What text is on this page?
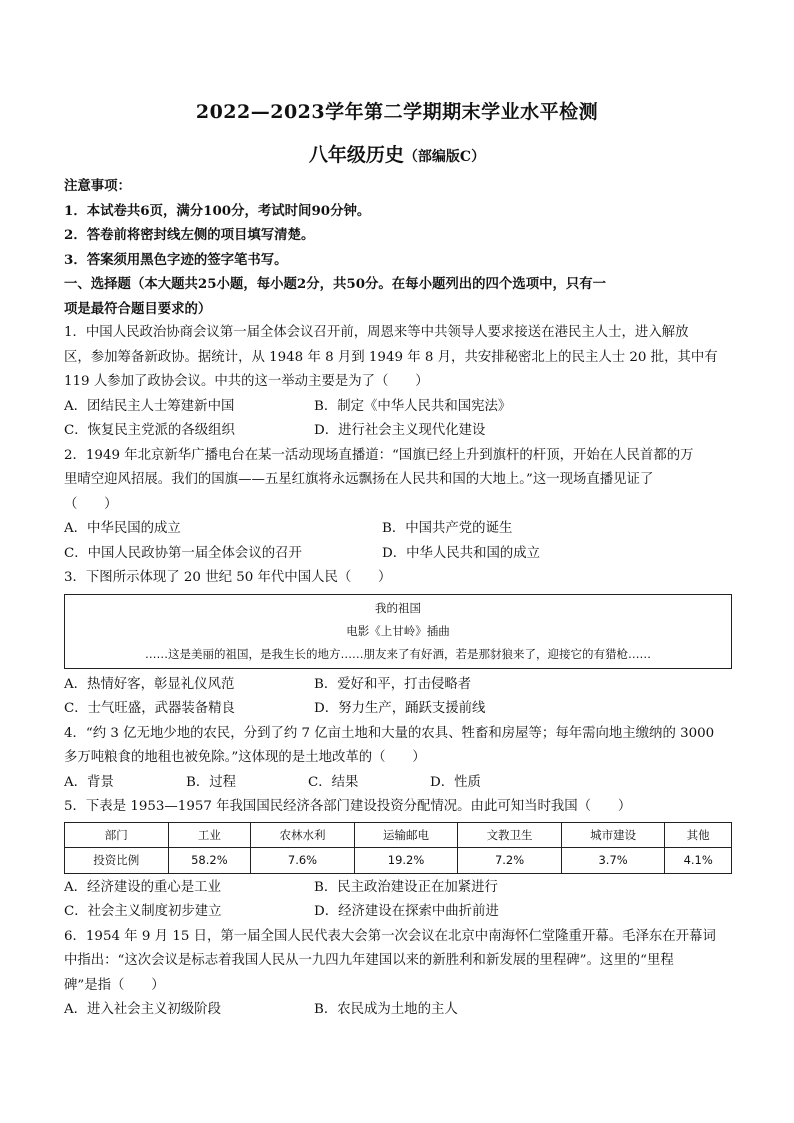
2022—2023学年第二学期期末学业水平检测
八年级历史（部编版C）
注意事项：
1．本试卷共6页，满分100分，考试时间90分钟。
2．答卷前将密封线左侧的项目填写清楚。
3．答案须用黑色字迹的签字笔书写。
一、选择题（本大题共25小题，每小题2分，共50分。在每小题列出的四个选项中，只有一
项是最符合题目要求的）
1．中国人民政治协商会议第一届全体会议召开前，周恩来等中共领导人要求接送在港民主人士，进入解放
区，参加筹备新政协。据统计，从 1948 年 8 月到 1949 年 8 月，共安排秘密北上的民主人士 20 批，其中有
119 人参加了政协会议。中共的这一举动主要是为了（　　）
A．团结民主人士筹建新中国	B．制定《中华人民共和国宪法》
C．恢复民主党派的各级组织	D．进行社会主义现代化建设
2．1949 年北京新华广播电台在某一活动现场直播道：“国旗已经上升到旗杆的杆顶，开始在人民首都的万
里晴空迎风招展。我们的国旗——五星红旗将永远飘扬在人民共和国的大地上。”这一现场直播见证了
（　　）
A．中华民国的成立	B．中国共产党的诞生
C．中国人民政协第一届全体会议的召开	D．中华人民共和国的成立
3．下图所示体现了 20 世纪 50 年代中国人民（　　）
我的祖国
电影《上甘岭》插曲
……这是美丽的祖国，是我生长的地方……朋友来了有好酒，若是那豺狼来了，迎接它的有猎枪……
A．热情好客，彰显礼仪风范	B．爱好和平，打击侵略者
C．士气旺盛，武器装备精良	D．努力生产，踊跃支援前线
4．“约 3 亿无地少地的农民，分到了约 7 亿亩土地和大量的农具、牲畜和房屋等；每年需向地主缴纳的 3000
多万吨粮食的地租也被免除。”这体现的是土地改革的（　　）
A．背景	B．过程	C．结果	D．性质
5．下表是 1953—1957 年我国国民经济各部门建设投资分配情况。由此可知当时我国（　　）
部门	工业	农林水利	运输邮电	文教卫生	城市建设	其他
投资比例	58.2%	7.6%	19.2%	7.2%	3.7%	4.1%
A．经济建设的重心是工业	B．民主政治建设正在加紧进行
C．社会主义制度初步建立	D．经济建设在探索中曲折前进
6．1954 年 9 月 15 日，第一届全国人民代表大会第一次会议在北京中南海怀仁堂隆重开幕。毛泽东在开幕词
中指出：“这次会议是标志着我国人民从一九四九年建国以来的新胜利和新发展的里程碑”。这里的“里程
碑”是指（　　）
A．进入社会主义初级阶段	B．农民成为土地的主人
